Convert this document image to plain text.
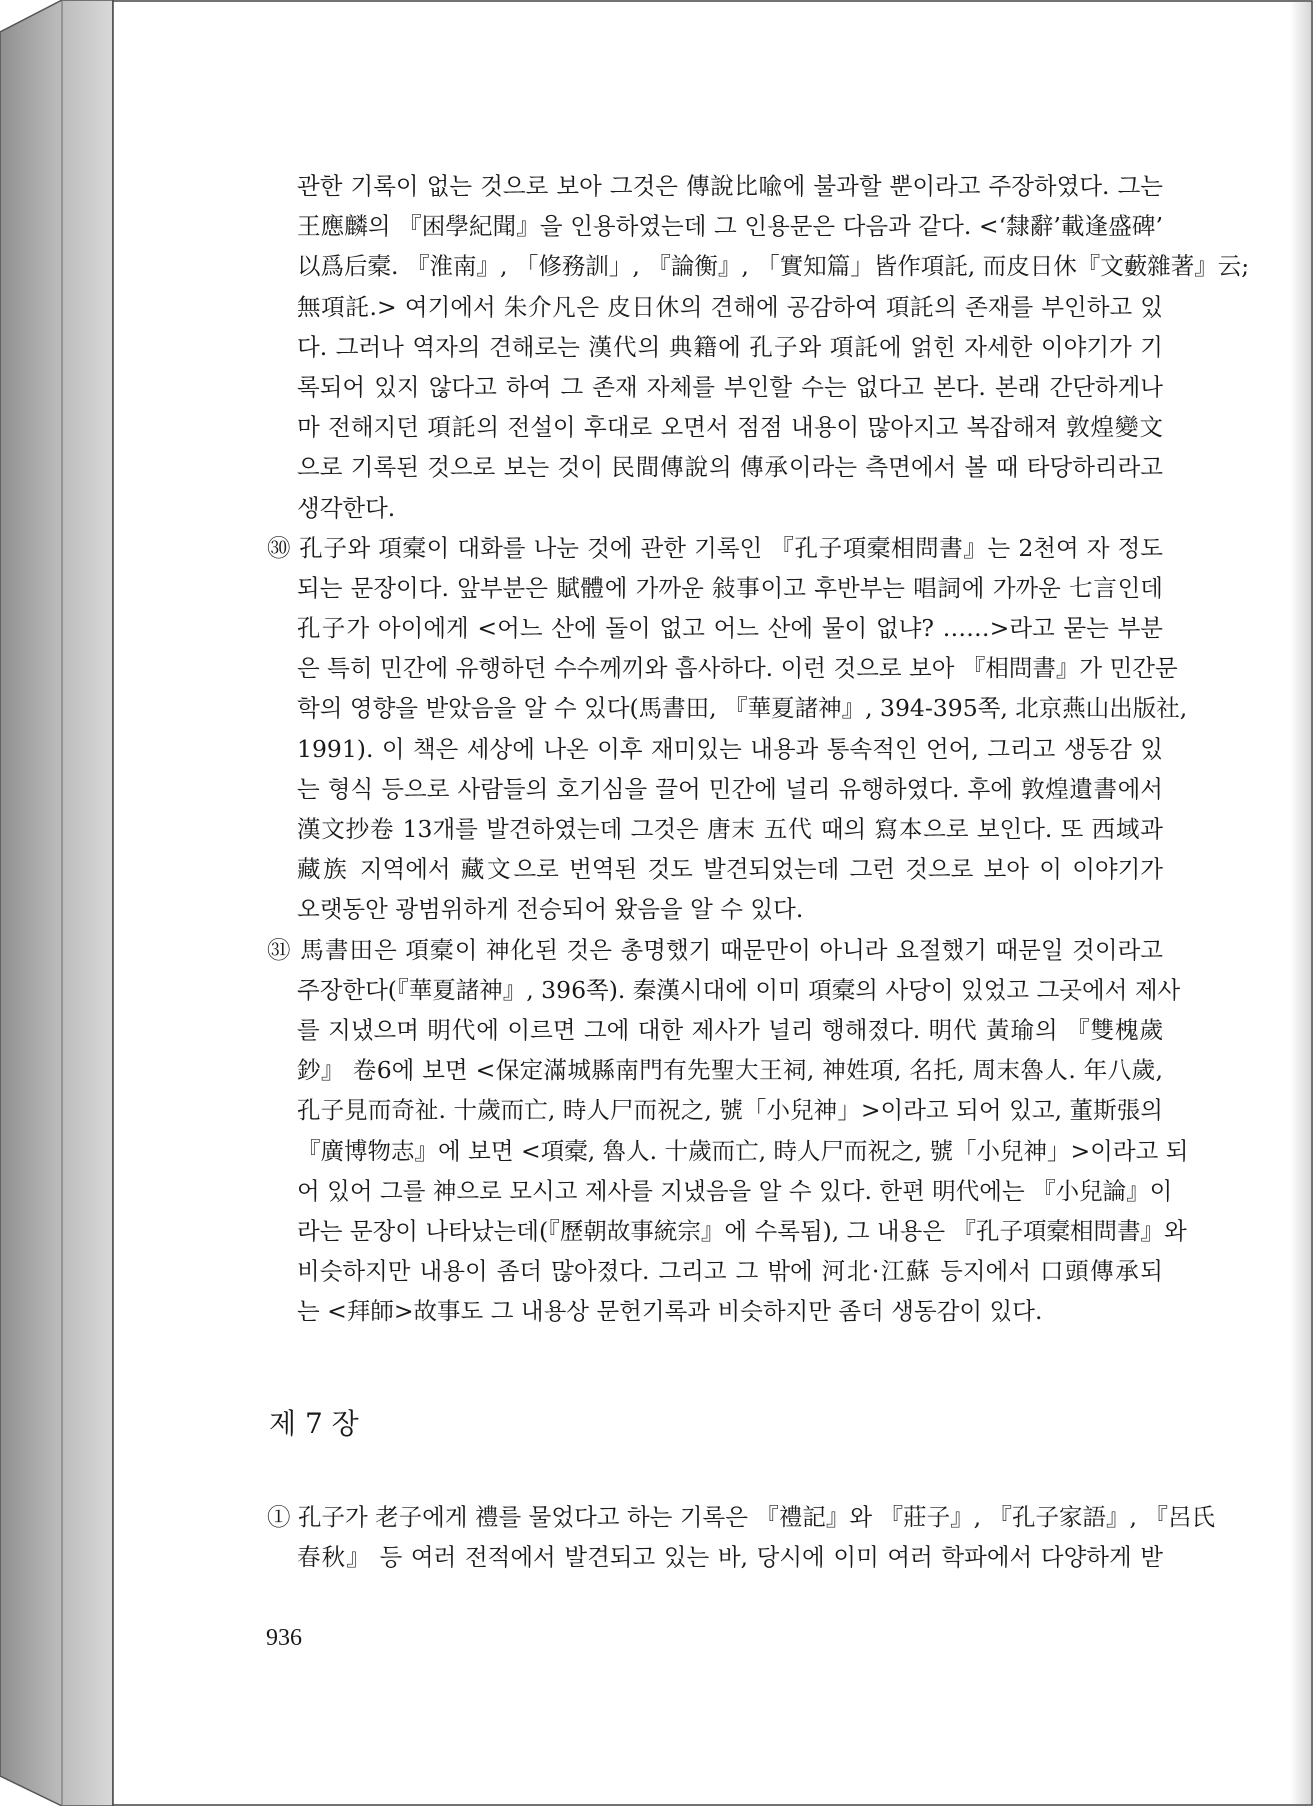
관한 기록이 없는 것으로 보아 그것은 傳說比喩에 불과할 뿐이라고 주장하였다. 그는
王應麟의 『困學紀聞』을 인용하였는데 그 인용문은 다음과 같다. <‘隸辭’載逢盛碑’
以爲后槖. 『淮南』, 「修務訓」, 『論衡』, 「實知篇」皆作項託, 而皮日休『文藪雜著』云;
無項託.> 여기에서 朱介凡은 皮日休의 견해에 공감하여 項託의 존재를 부인하고 있
다. 그러나 역자의 견해로는 漢代의 典籍에 孔子와 項託에 얽힌 자세한 이야기가 기
록되어 있지 않다고 하여 그 존재 자체를 부인할 수는 없다고 본다. 본래 간단하게나
마 전해지던 項託의 전설이 후대로 오면서 점점 내용이 많아지고 복잡해져 敦煌變文
으로 기록된 것으로 보는 것이 民間傳說의 傳承이라는 측면에서 볼 때 타당하리라고
생각한다.
㉚ 孔子와 項槖이 대화를 나눈 것에 관한 기록인 『孔子項槖相問書』는 2천여 자 정도
되는 문장이다. 앞부분은 賦體에 가까운 敍事이고 후반부는 唱詞에 가까운 七言인데
孔子가 아이에게 <어느 산에 돌이 없고 어느 산에 물이 없냐? ……>라고 묻는 부분
은 특히 민간에 유행하던 수수께끼와 흡사하다. 이런 것으로 보아 『相問書』가 민간문
학의 영향을 받았음을 알 수 있다(馬書田, 『華夏諸神』, 394-395쪽, 北京燕山出版社,
1991). 이 책은 세상에 나온 이후 재미있는 내용과 통속적인 언어, 그리고 생동감 있
는 형식 등으로 사람들의 호기심을 끌어 민간에 널리 유행하였다. 후에 敦煌遺書에서
漢文抄卷 13개를 발견하였는데 그것은 唐末 五代 때의 寫本으로 보인다. 또 西域과
藏族 지역에서 藏文으로 번역된 것도 발견되었는데 그런 것으로 보아 이 이야기가
오랫동안 광범위하게 전승되어 왔음을 알 수 있다.
㉛ 馬書田은 項槖이 神化된 것은 총명했기 때문만이 아니라 요절했기 때문일 것이라고
주장한다(『華夏諸神』, 396쪽). 秦漢시대에 이미 項槖의 사당이 있었고 그곳에서 제사
를 지냈으며 明代에 이르면 그에 대한 제사가 널리 행해졌다. 明代 黃瑜의 『雙槐歲
鈔』 卷6에 보면 <保定滿城縣南門有先聖大王祠, 神姓項, 名托, 周末魯人. 年八歲,
孔子見而奇祉. 十歲而亡, 時人尸而祝之, 號「小兒神」>이라고 되어 있고, 董斯張의
『廣博物志』에 보면 <項槖, 魯人. 十歲而亡, 時人尸而祝之, 號「小兒神」>이라고 되
어 있어 그를 神으로 모시고 제사를 지냈음을 알 수 있다. 한편 明代에는 『小兒論』이
라는 문장이 나타났는데(『歷朝故事統宗』에 수록됨), 그 내용은 『孔子項槖相問書』와
비슷하지만 내용이 좀더 많아졌다. 그리고 그 밖에 河北·江蘇 등지에서 口頭傳承되
는 <拜師>故事도 그 내용상 문헌기록과 비슷하지만 좀더 생동감이 있다.
제 7 장
① 孔子가 老子에게 禮를 물었다고 하는 기록은 『禮記』와 『莊子』, 『孔子家語』, 『呂氏
春秋』 등 여러 전적에서 발견되고 있는 바, 당시에 이미 여러 학파에서 다양하게 받
936
